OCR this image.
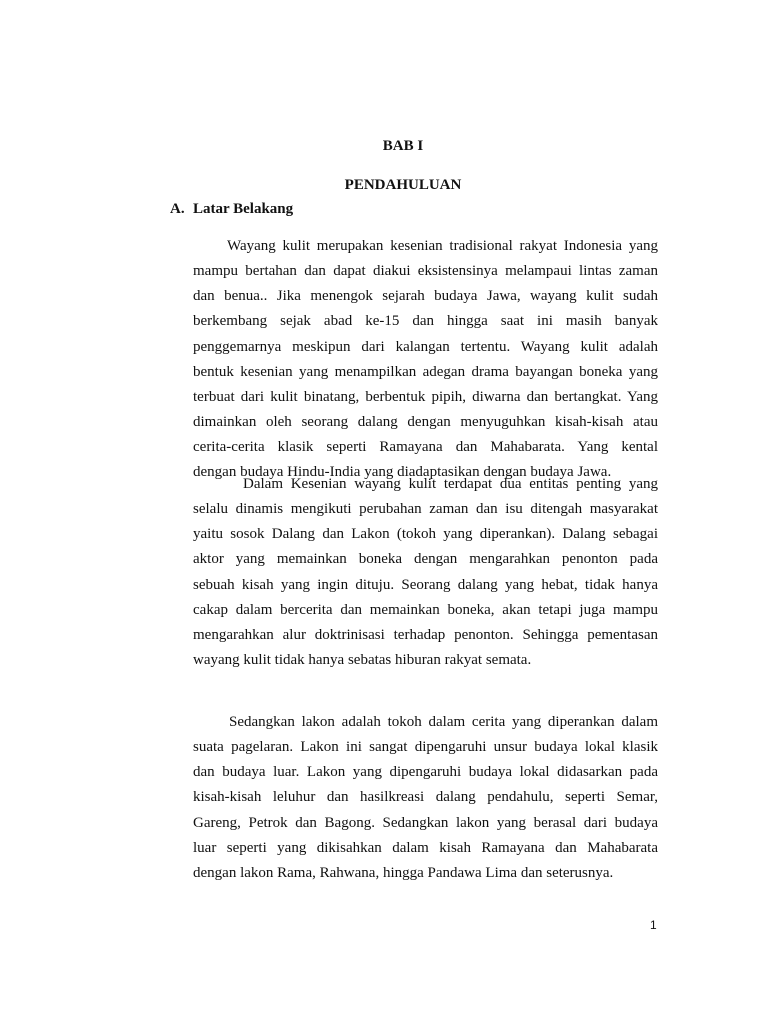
BAB I
PENDAHULUAN
A. Latar Belakang
Wayang kulit merupakan kesenian tradisional rakyat Indonesia yang
mampu bertahan dan dapat diakui eksistensinya melampaui lintas zaman
dan benua.. Jika menengok sejarah budaya Jawa, wayang kulit sudah
berkembang sejak abad ke-15 dan hingga saat ini masih banyak
penggemarnya meskipun dari kalangan tertentu. Wayang kulit adalah
bentuk kesenian yang menampilkan adegan drama bayangan boneka yang
terbuat dari kulit binatang, berbentuk pipih, diwarna dan bertangkat. Yang
dimainkan oleh seorang dalang dengan menyuguhkan kisah-kisah atau
cerita-cerita klasik seperti Ramayana dan Mahabarata. Yang kental
dengan budaya Hindu-India yang diadaptasikan dengan budaya Jawa.
Dalam Kesenian wayang kulit terdapat dua entitas penting yang
selalu dinamis mengikuti perubahan zaman dan isu ditengah masyarakat
yaitu sosok Dalang dan Lakon (tokoh yang diperankan). Dalang sebagai
aktor yang memainkan boneka dengan mengarahkan penonton pada
sebuah kisah yang ingin dituju. Seorang dalang yang hebat, tidak hanya
cakap dalam bercerita dan memainkan boneka, akan tetapi juga mampu
mengarahkan alur doktrinisasi terhadap penonton. Sehingga pementasan
wayang kulit tidak hanya sebatas hiburan rakyat semata.
Sedangkan lakon adalah tokoh dalam cerita yang diperankan dalam
suata pagelaran. Lakon ini sangat dipengaruhi unsur budaya lokal klasik
dan budaya luar. Lakon yang dipengaruhi budaya lokal didasarkan pada
kisah-kisah leluhur dan hasilkreasi dalang pendahulu, seperti Semar,
Gareng, Petrok dan Bagong. Sedangkan lakon yang berasal dari budaya
luar seperti yang dikisahkan dalam kisah Ramayana dan Mahabarata
dengan lakon Rama, Rahwana, hingga Pandawa Lima dan seterusnya.
1
